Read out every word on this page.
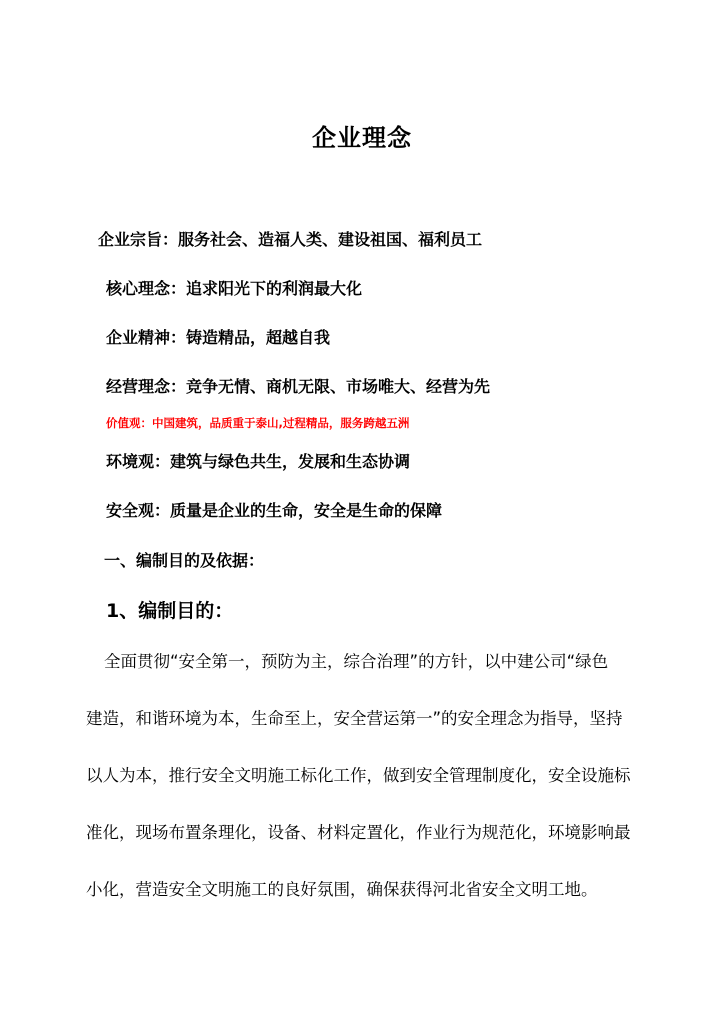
企业理念
企业宗旨：服务社会、造福人类、建设祖国、福利员工
核心理念：追求阳光下的利润最大化
企业精神：铸造精品，超越自我
经营理念：竞争无情、商机无限、市场唯大、经营为先
价值观：中国建筑，品质重于泰山,过程精品，服务跨越五洲
环境观：建筑与绿色共生，发展和生态协调
安全观：质量是企业的生命，安全是生命的保障
一、编制目的及依据：
1、编制目的：
全面贯彻“安全第一，预防为主，综合治理”的方针，以中建公司“绿色
建造，和谐环境为本，生命至上，安全营运第一”的安全理念为指导，坚持
以人为本，推行安全文明施工标化工作，做到安全管理制度化，安全设施标
准化，现场布置条理化，设备、材料定置化，作业行为规范化，环境影响最
小化，营造安全文明施工的良好氛围，确保获得河北省安全文明工地。
